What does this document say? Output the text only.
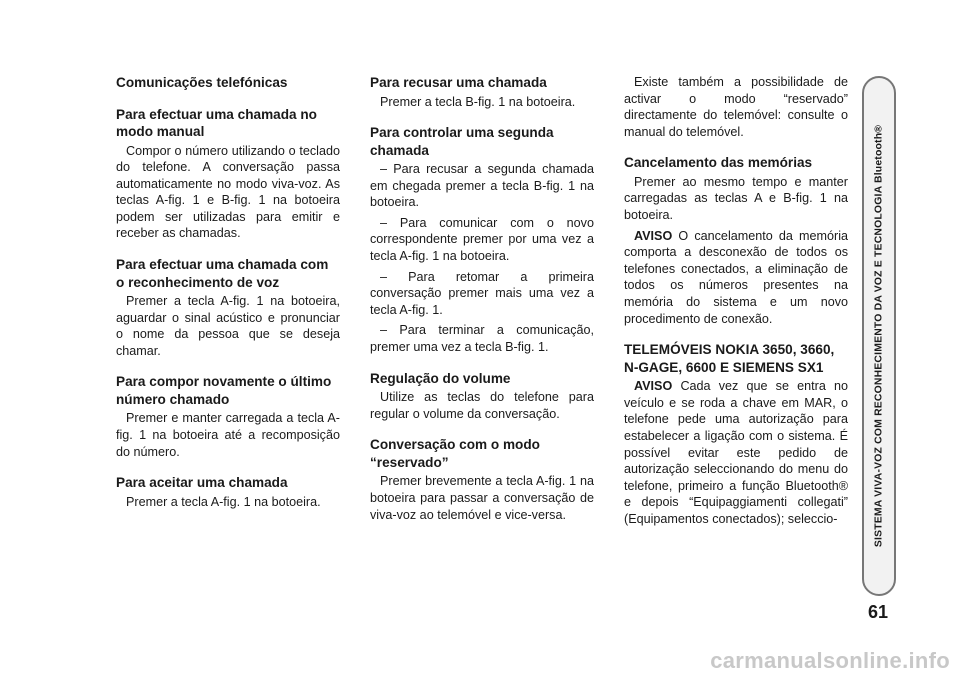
Comunicações telefónicas
Para efectuar uma chamada no modo manual
Compor o número utilizando o teclado do telefone. A conversação passa automaticamente no modo viva-voz. As teclas A-fig. 1 e B-fig. 1 na botoeira podem ser utilizadas para emitir e receber as chamadas.
Para efectuar uma chamada com o reconhecimento de voz
Premer a tecla A-fig. 1 na botoeira, aguardar o sinal acústico e pronunciar o nome da pessoa que se deseja chamar.
Para compor novamente o último número chamado
Premer e manter carregada a tecla A-fig. 1 na botoeira até a recomposição do número.
Para aceitar uma chamada
Premer a tecla A-fig. 1 na botoeira.
Para recusar uma chamada
Premer a tecla B-fig. 1 na botoeira.
Para controlar uma segunda chamada
– Para recusar a segunda chamada em chegada premer a tecla B-fig. 1 na botoeira.
– Para comunicar com o novo correspondente premer por uma vez a tecla A-fig. 1 na botoeira.
– Para retomar a primeira conversação premer mais uma vez a tecla A-fig. 1.
– Para terminar a comunicação, premer uma vez a tecla B-fig. 1.
Regulação do volume
Utilize as teclas do telefone para regular o volume da conversação.
Conversação com o modo “reservado”
Premer brevemente a tecla A-fig. 1 na botoeira para passar a conversação de viva-voz ao telemóvel e vice-versa.
Existe também a possibilidade de activar o modo “reservado” directamente do telemóvel: consulte o manual do telemóvel.
Cancelamento das memórias
Premer ao mesmo tempo e manter carregadas as teclas A e B-fig. 1 na botoeira.
AVISO O cancelamento da memória comporta a desconexão de todos os telefones conectados, a eliminação de todos os números presentes na memória do sistema e um novo procedimento de conexão.
TELEMÓVEIS NOKIA 3650, 3660, N-GAGE, 6600 E SIEMENS SX1
AVISO Cada vez que se entra no veículo e se roda a chave em MAR, o telefone pede uma autorização para estabelecer a ligação com o sistema. É possível evitar este pedido de autorização seleccionando do menu do telefone, primeiro a função Bluetooth® e depois “Equipaggiamenti collegati” (Equipamentos conectados); seleccio-	SISTEMA VIVA-VOZ COM RECONHECIMENTO DA VOZ E TECNOLOGIA Bluetooth®
61
carmanualsonline.info
